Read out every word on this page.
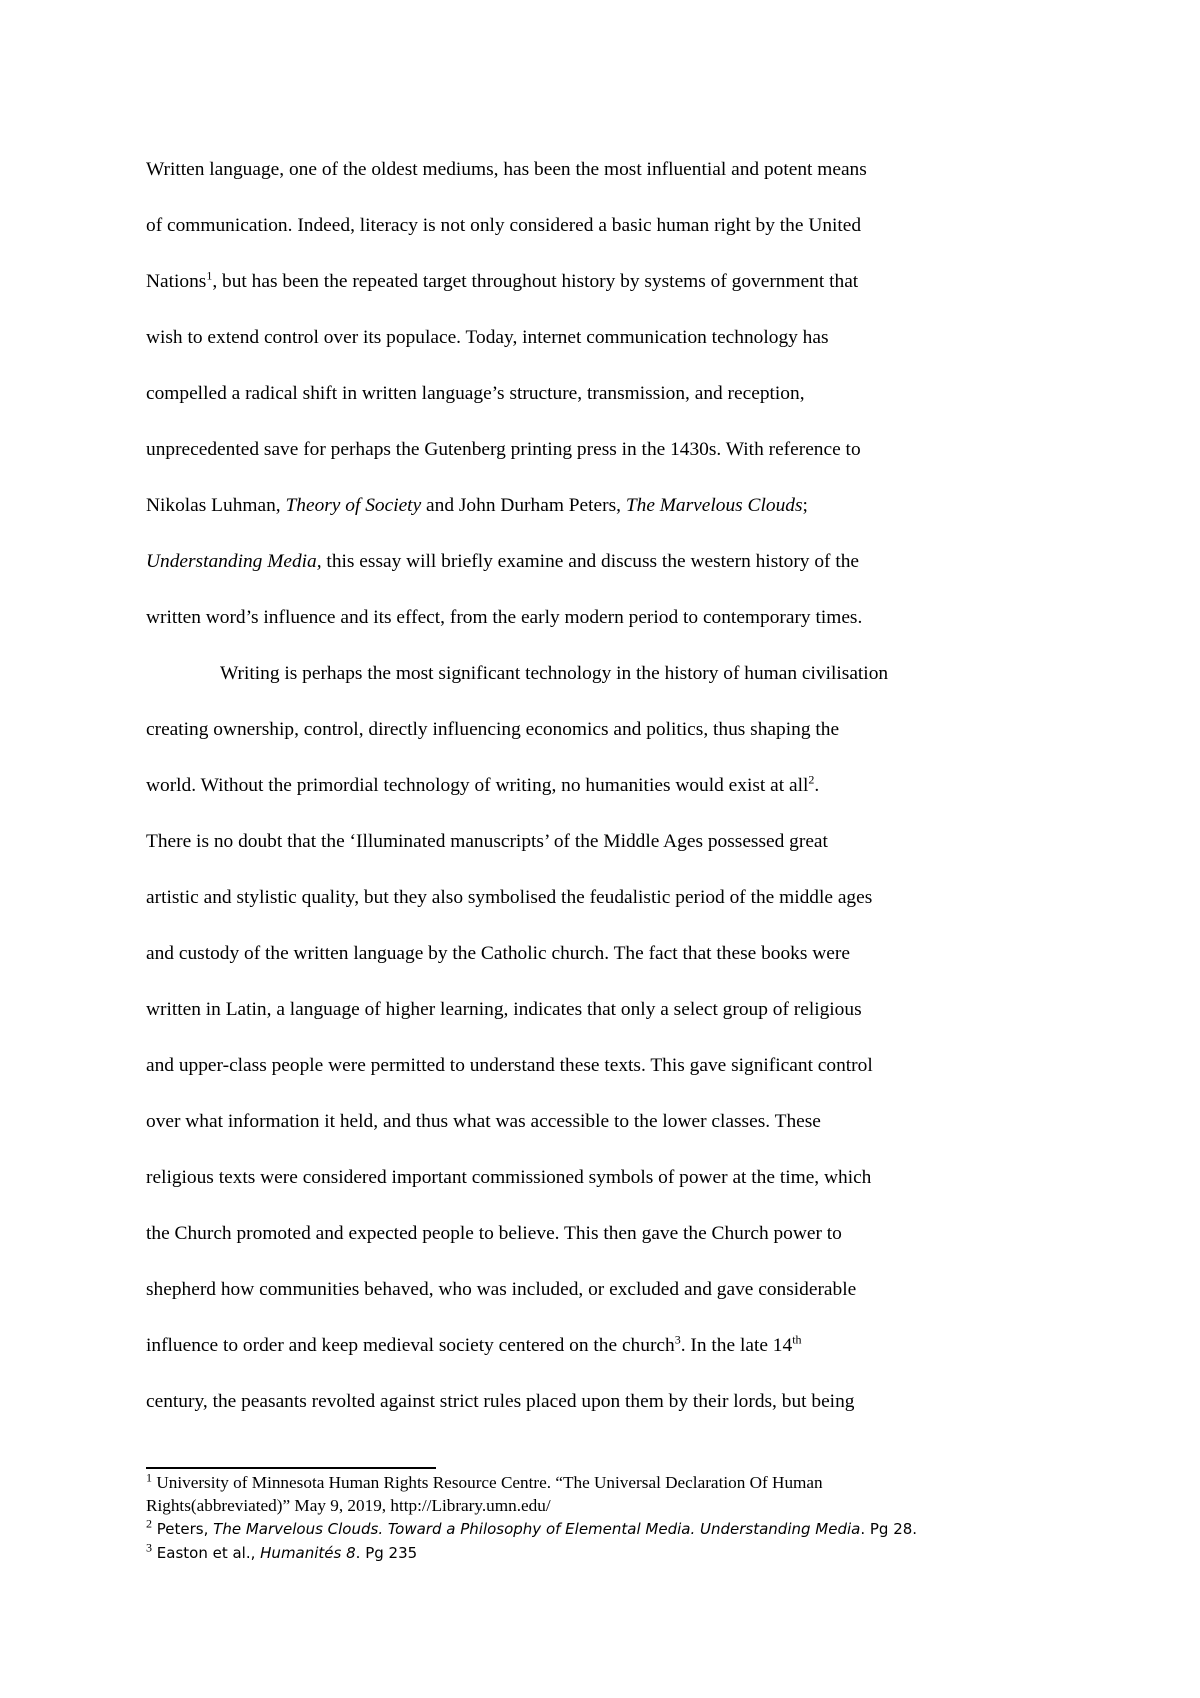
Written language, one of the oldest mediums, has been the most influential and potent means
of communication. Indeed, literacy is not only considered a basic human right by the United
Nations$^1$, but has been the repeated target throughout history by systems of government that
wish to extend control over its populace. Today, internet communication technology has
compelled a radical shift in written language’s structure, transmission, and reception,
unprecedented save for perhaps the Gutenberg printing press in the 1430s. With reference to
Nikolas Luhman, Theory of Society and John Durham Peters, The Marvelous Clouds;
Understanding Media, this essay will briefly examine and discuss the western history of the
written word’s influence and its effect, from the early modern period to contemporary times.
Writing is perhaps the most significant technology in the history of human civilisation
creating ownership, control, directly influencing economics and politics, thus shaping the
world. Without the primordial technology of writing, no humanities would exist at all$^2$.
There is no doubt that the ‘Illuminated manuscripts’ of the Middle Ages possessed great
artistic and stylistic quality, but they also symbolised the feudalistic period of the middle ages
and custody of the written language by the Catholic church. The fact that these books were
written in Latin, a language of higher learning, indicates that only a select group of religious
and upper-class people were permitted to understand these texts. This gave significant control
over what information it held, and thus what was accessible to the lower classes. These
religious texts were considered important commissioned symbols of power at the time, which
the Church promoted and expected people to believe. This then gave the Church power to
shepherd how communities behaved, who was included, or excluded and gave considerable
influence to order and keep medieval society centered on the church$^3$. In the late 14th
century, the peasants revolted against strict rules placed upon them by their lords, but being
$^1$ University of Minnesota Human Rights Resource Centre. “The Universal Declaration Of Human
Rights(abbreviated)” May 9, 2019, http://Library.umn.edu/
$^2$ Peters, The Marvelous Clouds. Toward a Philosophy of Elemental Media. Understanding Media. Pg 28.
$^3$ Easton et al., Humanités 8. Pg 235
